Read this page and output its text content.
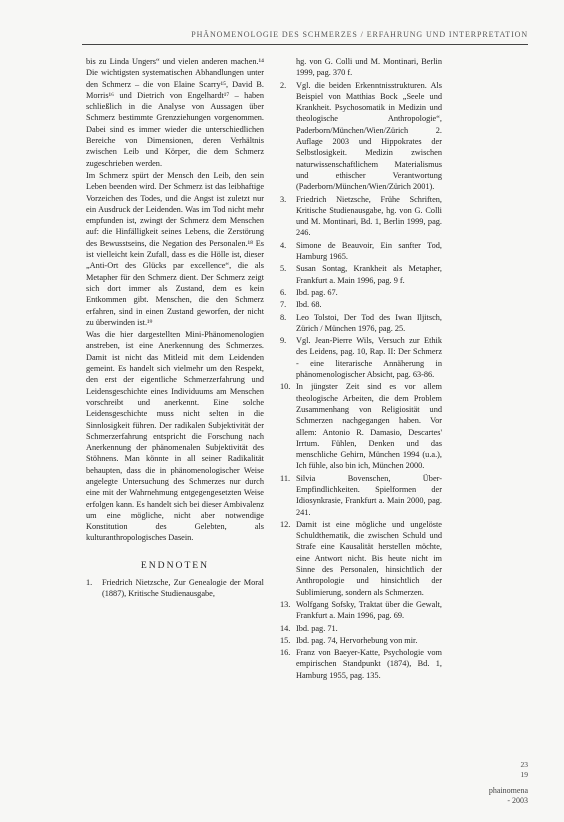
PHÄNOMENOLOGIE DES SCHMERZES / ERFAHRUNG UND INTERPRETATION

bis zu Linda Ungers“ und vielen anderen machen.¹⁴ Die wichtigsten systematischen Abhandlungen unter den Schmerz – die von Elaine Scarry¹⁵, David B. Morris¹⁶ und Dietrich von Engelhardt¹⁷ – haben schließlich in die Analyse von Aussagen über Schmerz bestimmte Grenzziehungen vorgenommen. Dabei sind es immer wieder die unterschiedlichen Bereiche von Dimensionen, deren Verhältnis zwischen Leib und Körper, die dem Schmerz zugeschrieben werden.

Im Schmerz spürt der Mensch den Leib, den sein Leben beenden wird. Der Schmerz ist das leibhaftige Vorzeichen des Todes, und die Angst ist zuletzt nur ein Ausdruck der Leidenden. Was im Tod nicht mehr empfunden ist, zwingt der Schmerz dem Menschen auf: die Hinfälligkeit seines Lebens, die Zerstörung des Bewusstseins, die Negation des Personalen.¹⁸ Es ist vielleicht kein Zufall, dass es die Hölle ist, dieser „Anti-Ort des Glücks par excellence“, die als Metapher für den Schmerz dient. Der Schmerz zeigt sich dort immer als Zustand, dem es kein Entkommen gibt. Menschen, die den Schmerz erfahren, sind in einen Zustand geworfen, der nicht zu überwinden ist.¹⁹

Was die hier dargestellten Mini-Phänomenologien anstreben, ist eine Anerkennung des Schmerzes. Damit ist nicht das Mitleid mit dem Leidenden gemeint. Es handelt sich vielmehr um den Respekt, den erst der eigentliche Schmerzerfahrung und Leidensgeschichte eines Individuums am Menschen vorschreibt und anerkennt. Eine solche Leidensgeschichte muss nicht selten in die Sinnlosigkeit führen. Der radikalen Subjektivität der Schmerzerfahrung entspricht die Forschung nach Anerkennung der phänomenalen Subjektivität des Stöhnens. Man könnte in all seiner Radikalität behaupten, dass die in phänomenologischer Weise angelegte Untersuchung des Schmerzes nur durch eine mit der Wahrnehmung entgegengesetzten Weise erfolgen kann. Es handelt sich bei dieser Ambivalenz um eine mögliche, nicht aber notwendige Konstitution des Gelebten, als kulturanthropologisches Dasein.

ENDNOTEN
1.	Friedrich Nietzsche, Zur Genealogie der Moral (1887), Kritische Studienausgabe,
hg. von G. Colli und M. Montinari, Berlin 1999, pag. 370 f.
2.	Vgl. die beiden Erkenntnisstrukturen. Als Beispiel von Matthias Bock „Seele und Krankheit. Psychosomatik in Medizin und theologische Anthropologie“, Paderborn/München/Wien/Zürich 2. Auflage 2003 und Hippokrates der Selbstlosigkeit. Medizin zwischen naturwissenschaftlichem Materialismus und ethischer Verantwortung (Paderborn/München/Wien/Zürich 2001).
3.	Friedrich Nietzsche, Frühe Schriften, Kritische Studienausgabe, hg. von G. Colli und M. Montinari, Bd. 1, Berlin 1999, pag. 246.
4.	Simone de Beauvoir, Ein sanfter Tod, Hamburg 1965.
5.	Susan Sontag, Krankheit als Metapher, Frankfurt a. Main 1996, pag. 9 f.
6.	Ibd. pag. 67.
7.	Ibd. 68.
8.	Leo Tolstoi, Der Tod des Iwan Iljitsch, Zürich / München 1976, pag. 25.
9.	Vgl. Jean-Pierre Wils, Versuch zur Ethik des Leidens, pag. 10, Rap. II: Der Schmerz - eine literarische Annäherung in phänomenologischer Absicht, pag. 63-86.
10. In jüngster Zeit sind es vor allem theologische Arbeiten, die dem Problem Zusammenhang von Religiosität und Schmerzen nachgegangen haben. Vor allem: Antonio R. Damasio, Descartes' Irrtum. Fühlen, Denken und das menschliche Gehirn, München 1994 (u.a.), Ich fühle, also bin ich, München 2000.
11. Silvia Bovenschen, Über-Empfindlichkeiten. Spielformen der Idiosynkrasie, Frankfurt a. Main 2000, pag. 241.
12. Damit ist eine mögliche und ungelöste Schuldthematik, die zwischen Schuld und Strafe eine Kausalität herstellen möchte, eine Antwort nicht. Bis heute nicht im Sinne des Personalen, hinsichtlich der Anthropologie und hinsichtlich der Sublimierung, sondern als Schmerzen.
13. Wolfgang Sofsky, Traktat über die Gewalt, Frankfurt a. Main 1996, pag. 69.
14. Ibd. pag. 71.
15. Ibd. pag. 74, Hervorhebung von mir.
16. Franz von Baeyer-Katte, Psychologie vom empirischen Standpunkt (1874), Bd. 1, Hamburg 1955, pag. 135.
23
19
phainomena
- 2003
